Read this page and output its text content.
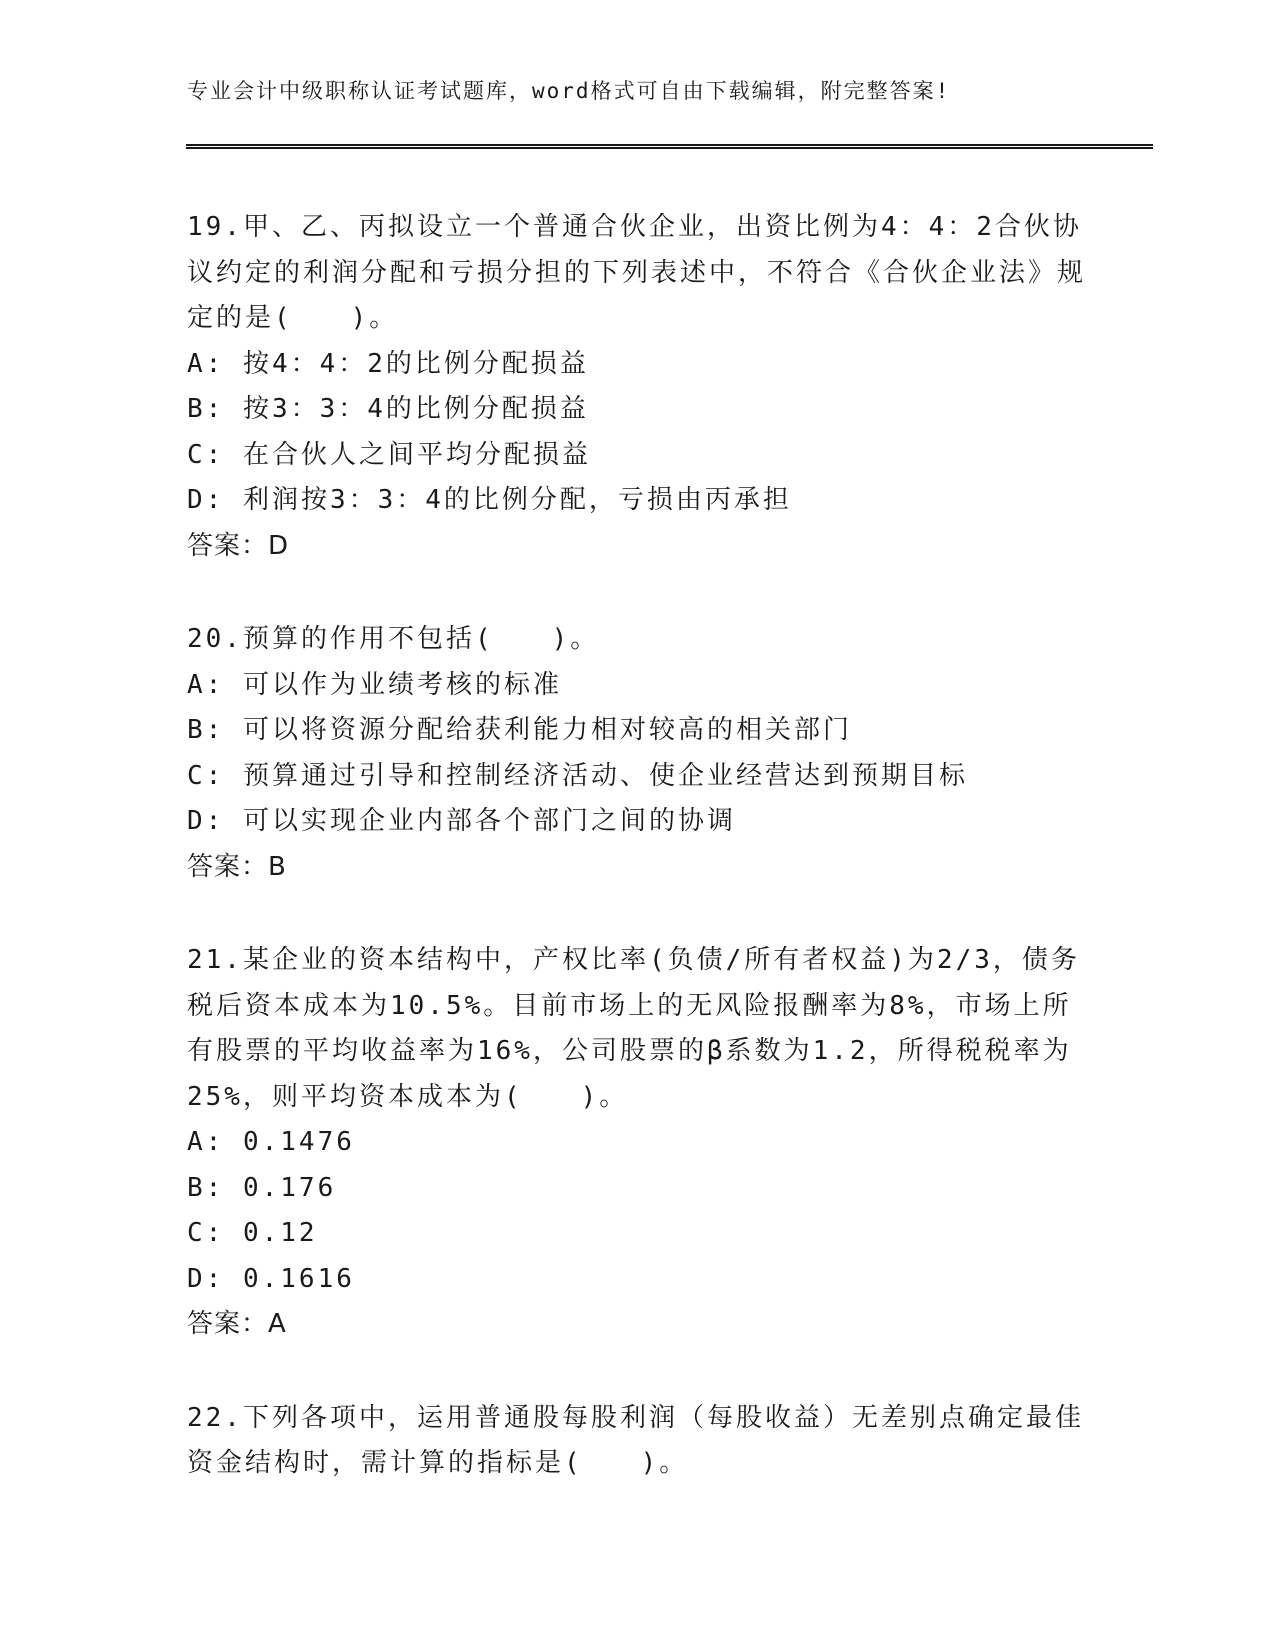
专业会计中级职称认证考试题库，word格式可自由下载编辑，附完整答案!

19.甲、乙、丙拟设立一个普通合伙企业，出资比例为4：4：2合伙协议约定的利润分配和亏损分担的下列表述中，不符合《合伙企业法》规定的是(　　)。

A: 按4：4：2的比例分配损益

B: 按3：3：4的比例分配损益

C: 在合伙人之间平均分配损益

D: 利润按3：3：4的比例分配，亏损由丙承担

答案：D

20.预算的作用不包括(　　)。

A: 可以作为业绩考核的标准

B: 可以将资源分配给获利能力相对较高的相关部门

C: 预算通过引导和控制经济活动、使企业经营达到预期目标

D: 可以实现企业内部各个部门之间的协调

答案：B

21.某企业的资本结构中，产权比率(负债/所有者权益)为2/3，债务税后资本成本为10.5%。目前市场上的无风险报酬率为8%，市场上所有股票的平均收益率为16%，公司股票的β系数为1.2，所得税税率为25%，则平均资本成本为(　　)。

A: 0.1476

B: 0.176

C: 0.12

D: 0.1616

答案：A

22.下列各项中，运用普通股每股利润（每股收益）无差别点确定最佳资金结构时，需计算的指标是(　　)。
